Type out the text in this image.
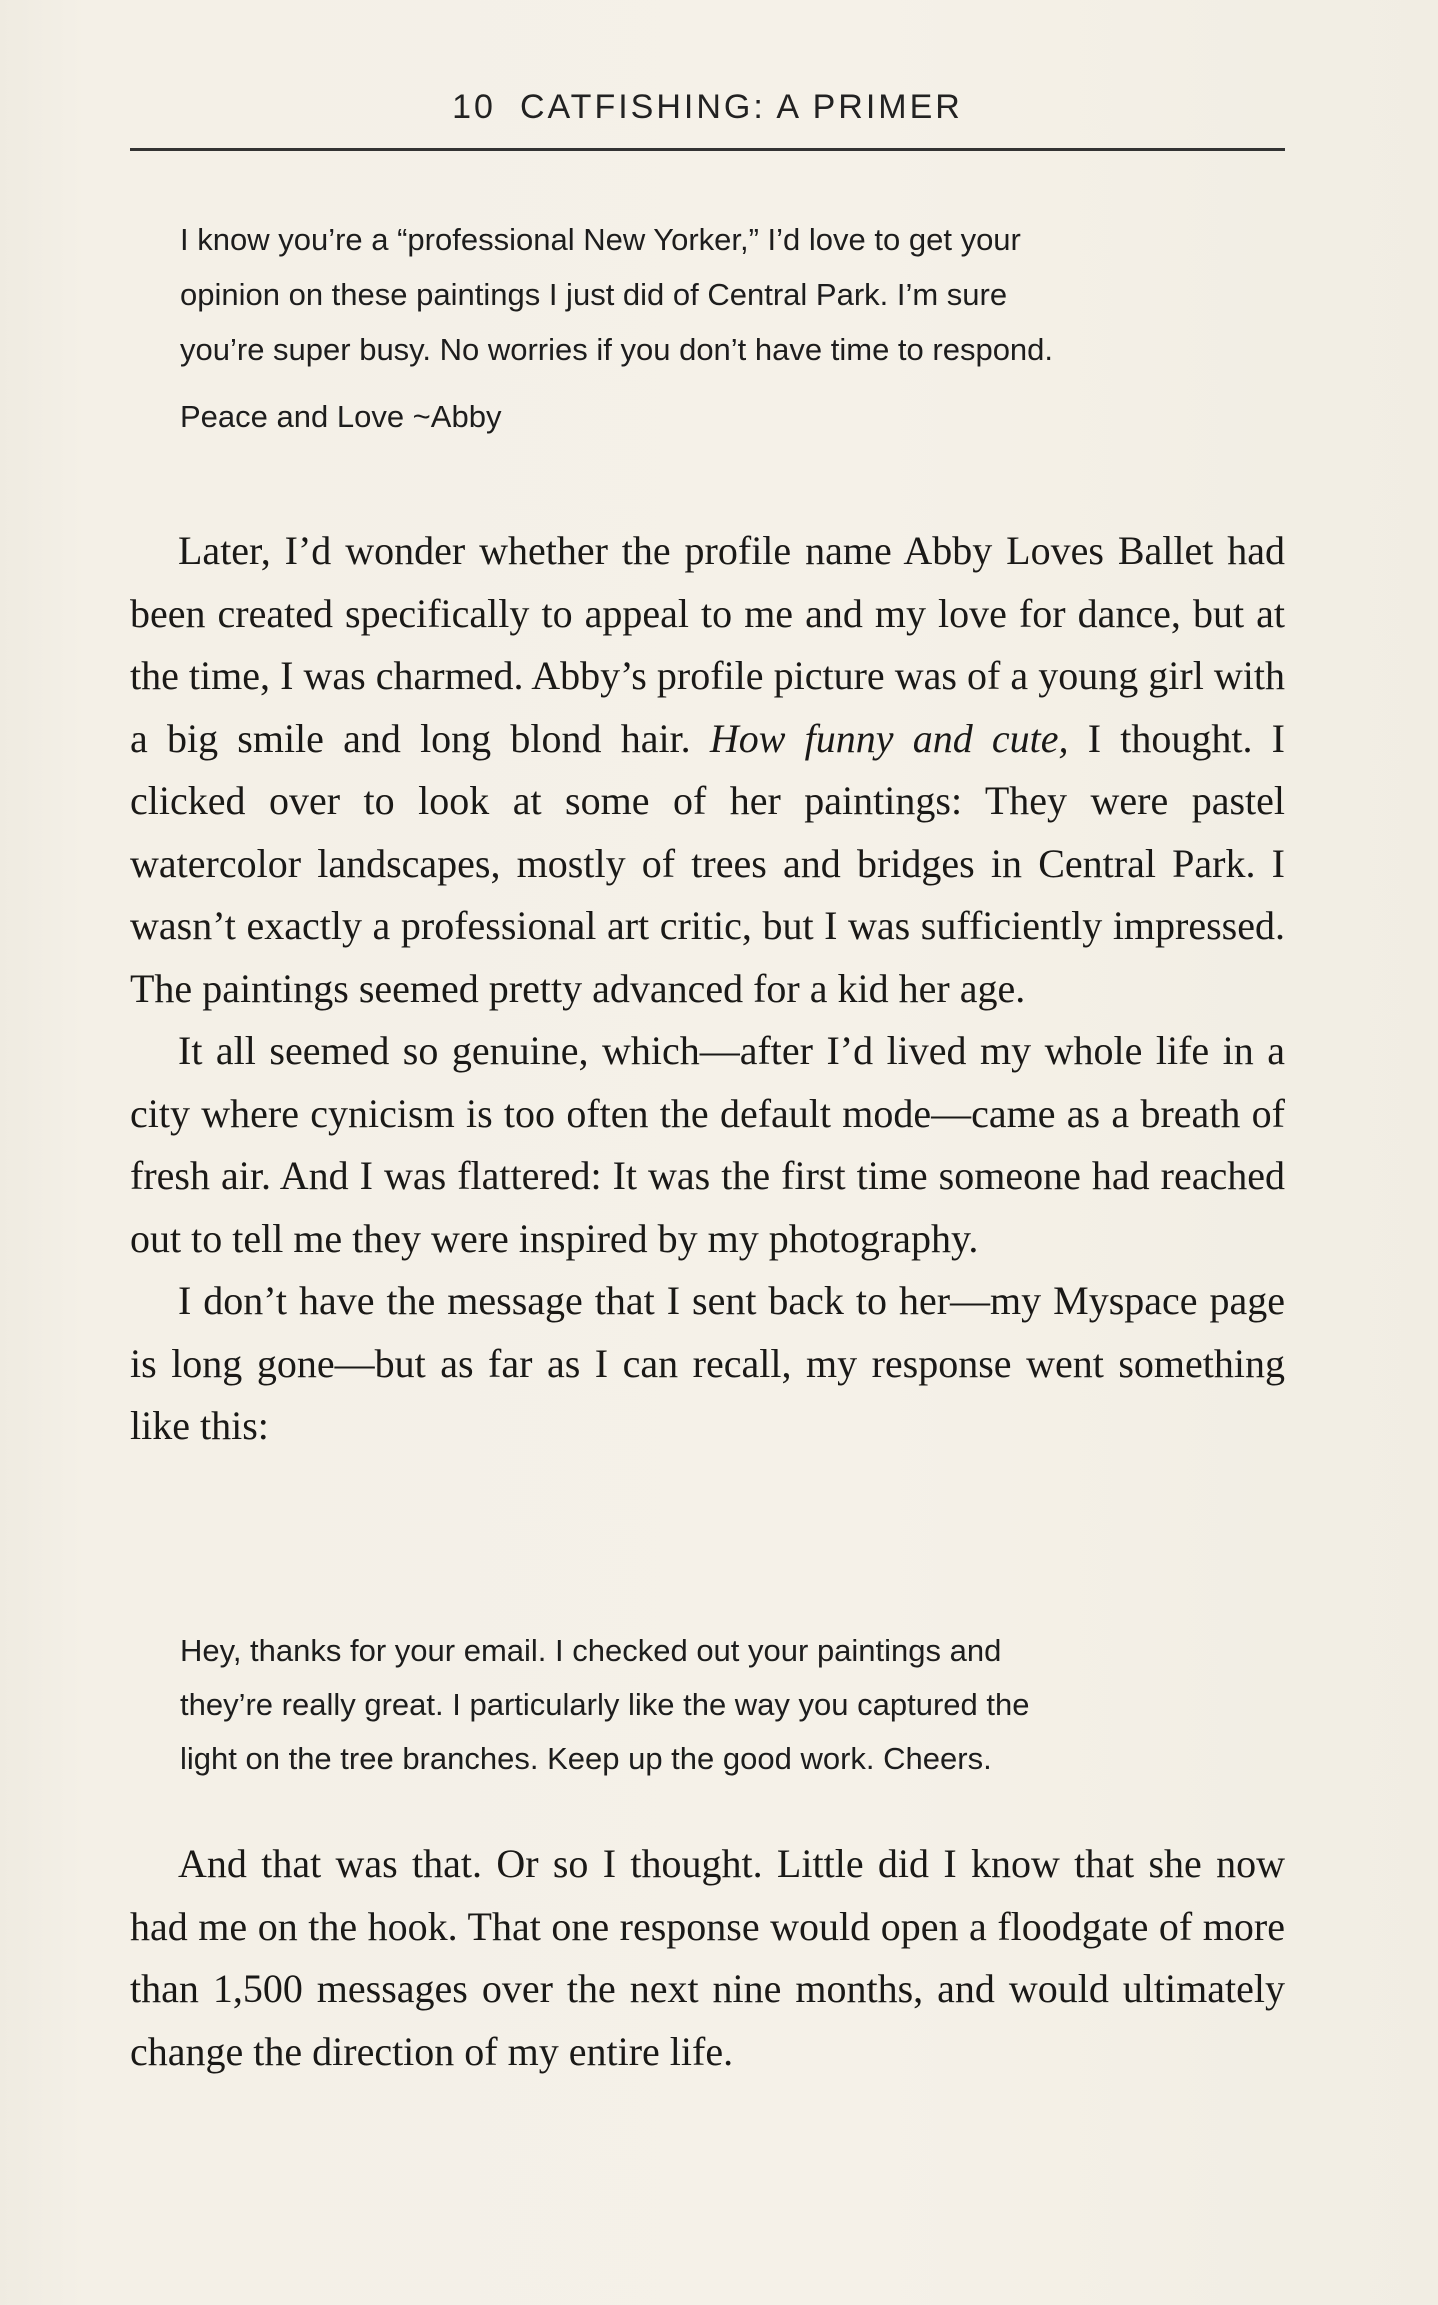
10 CATFISHING: A PRIMER

I know you’re a “professional New Yorker,” I’d love to get your

opinion on these paintings I just did of Central Park. I’m sure

you’re super busy. No worries if you don’t have time to respond.

Peace and Love ~Abby

Later, I’d wonder whether the profile name Abby Loves Ballet had been created specifically to appeal to me and my love for dance, but at the time, I was charmed. Abby’s profile picture was of a young girl with a big smile and long blond hair. How funny and cute, I thought. I clicked over to look at some of her paintings: They were pastel watercolor landscapes, mostly of trees and bridges in Central Park. I wasn’t exactly a professional art critic, but I was sufficiently impressed. The paintings seemed pretty advanced for a kid her age.

It all seemed so genuine, which—after I’d lived my whole life in a city where cynicism is too often the default mode—came as a breath of fresh air. And I was flattered: It was the first time someone had reached out to tell me they were inspired by my photography.

I don’t have the message that I sent back to her—my Myspace page is long gone—but as far as I can recall, my response went something like this:

Hey, thanks for your email. I checked out your paintings and

they’re really great. I particularly like the way you captured the

light on the tree branches. Keep up the good work. Cheers.

And that was that. Or so I thought. Little did I know that she now had me on the hook. That one response would open a floodgate of more than 1,500 messages over the next nine months, and would ultimately change the direction of my entire life.
